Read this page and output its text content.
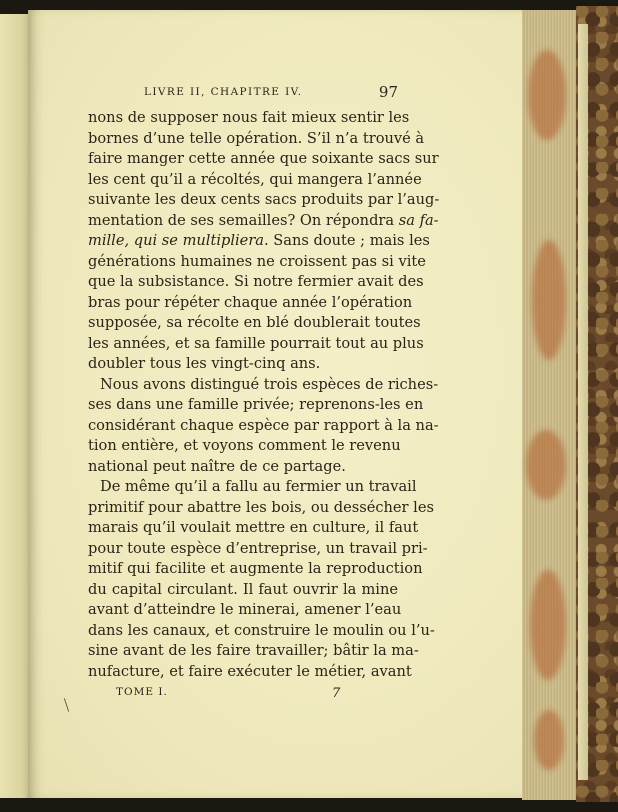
LIVRE II, CHAPITRE IV.	97
nons de supposer nous fait mieux sentir les
bornes d’une telle opération. S’il n’a trouvé à
faire manger cette année que soixante sacs sur
les cent qu’il a récoltés, qui mangera l’année
suivante les deux cents sacs produits par l’aug-
mentation de ses semailles? On répondra sa fa-
mille, qui se multipliera. Sans doute ; mais les
générations humaines ne croissent pas si vite
que la subsistance. Si notre fermier avait des
bras pour répéter chaque année l’opération
supposée, sa récolte en blé doublerait toutes
les années, et sa famille pourrait tout au plus
doubler tous les vingt-cinq ans.
Nous avons distingué trois espèces de riches-
ses dans une famille privée; reprenons-les en
considérant chaque espèce par rapport à la na-
tion entière, et voyons comment le revenu
national peut naître de ce partage.
De même qu’il a fallu au fermier un travail
primitif pour abattre les bois, ou dessécher les
marais qu’il voulait mettre en culture, il faut
pour toute espèce d’entreprise, un travail pri-
mitif qui facilite et augmente la reproduction
du capital circulant. Il faut ouvrir la mine
avant d’atteindre le minerai, amener l’eau
dans les canaux, et construire le moulin ou l’u-
sine avant de les faire travailler; bâtir la ma-
nufacture, et faire exécuter le métier, avant
TOME I.	7
